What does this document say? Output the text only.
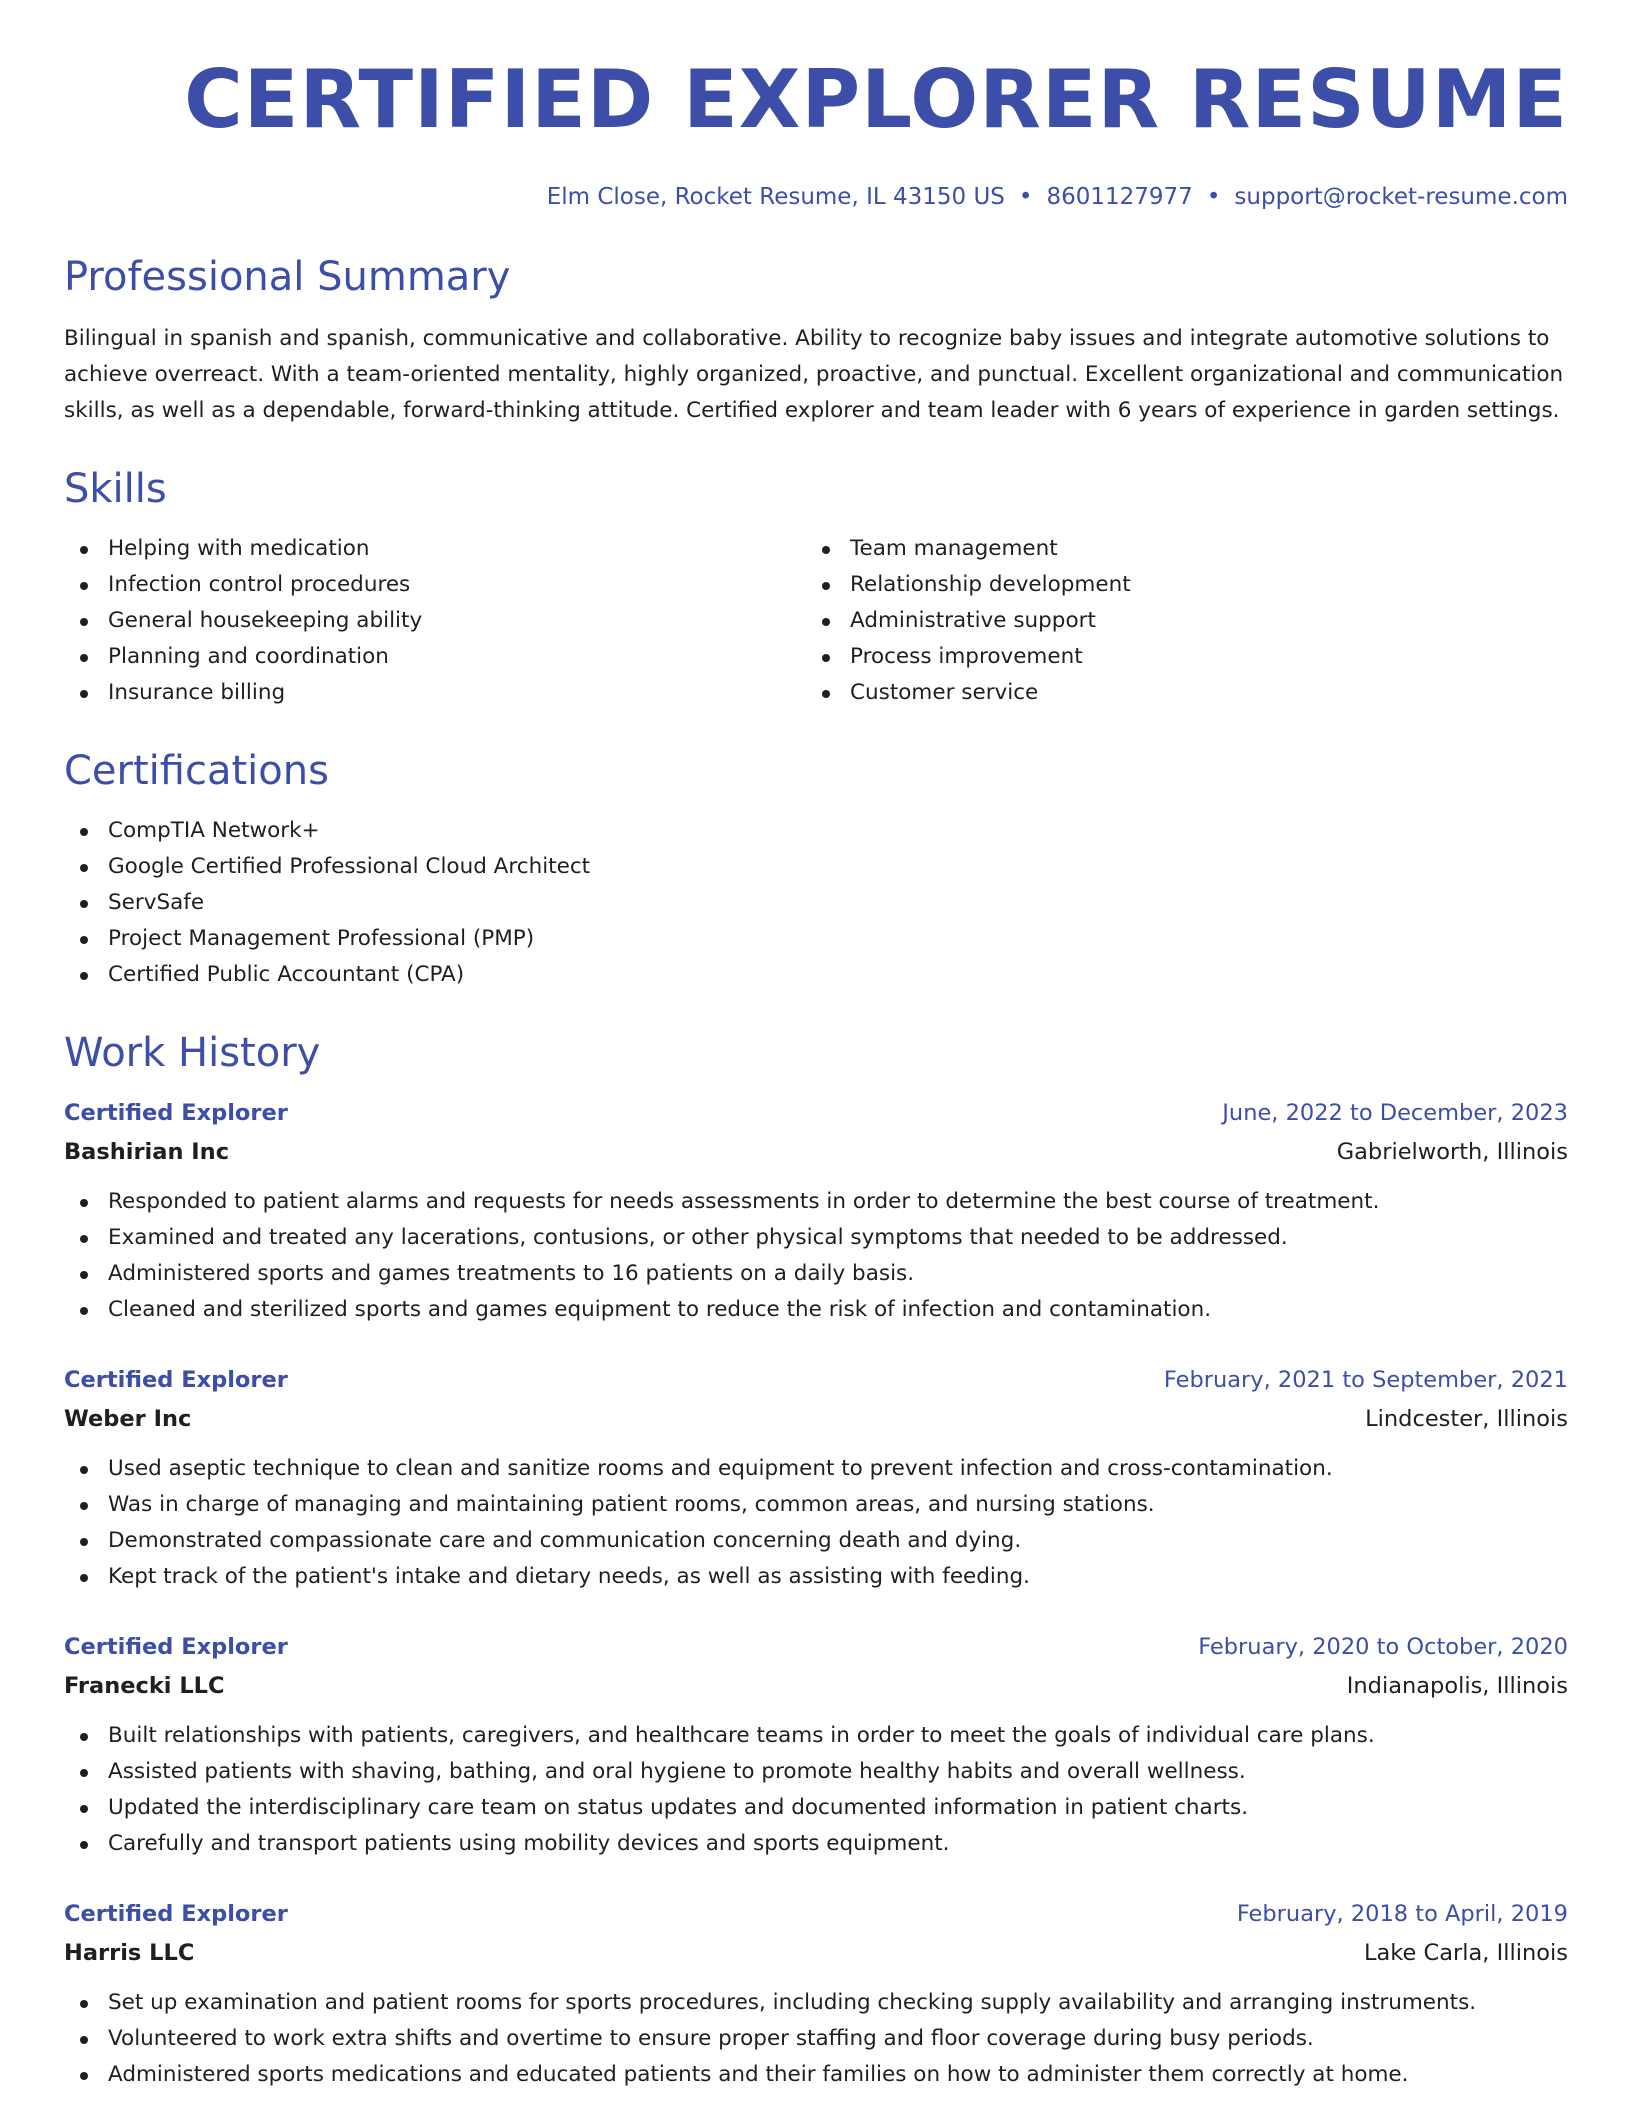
CERTIFIED EXPLORER RESUME
Elm Close, Rocket Resume, IL 43150 US • 8601127977 • support@rocket-resume.com
Professional Summary

Bilingual in spanish and spanish, communicative and collaborative. Ability to recognize baby issues and integrate automotive solutions to achieve overreact. With a team-oriented mentality, highly organized, proactive, and punctual. Excellent organizational and communication skills, as well as a dependable, forward-thinking attitude. Certified explorer and team leader with 6 years of experience in garden settings.

Skills
Helping with medication
Infection control procedures
General housekeeping ability
Planning and coordination
Insurance billing
Team management
Relationship development
Administrative support
Process improvement
Customer service
Certifications
CompTIA Network+
Google Certified Professional Cloud Architect
ServSafe
Project Management Professional (PMP)
Certified Public Accountant (CPA)
Work History
Certified Explorer	June, 2022 to December, 2023
Bashirian Inc	Gabrielworth, Illinois
Responded to patient alarms and requests for needs assessments in order to determine the best course of treatment.
Examined and treated any lacerations, contusions, or other physical symptoms that needed to be addressed.
Administered sports and games treatments to 16 patients on a daily basis.
Cleaned and sterilized sports and games equipment to reduce the risk of infection and contamination.
Certified Explorer	February, 2021 to September, 2021
Weber Inc	Lindcester, Illinois
Used aseptic technique to clean and sanitize rooms and equipment to prevent infection and cross-contamination.
Was in charge of managing and maintaining patient rooms, common areas, and nursing stations.
Demonstrated compassionate care and communication concerning death and dying.
Kept track of the patient's intake and dietary needs, as well as assisting with feeding.
Certified Explorer	February, 2020 to October, 2020
Franecki LLC	Indianapolis, Illinois
Built relationships with patients, caregivers, and healthcare teams in order to meet the goals of individual care plans.
Assisted patients with shaving, bathing, and oral hygiene to promote healthy habits and overall wellness.
Updated the interdisciplinary care team on status updates and documented information in patient charts.
Carefully and transport patients using mobility devices and sports equipment.
Certified Explorer	February, 2018 to April, 2019
Harris LLC	Lake Carla, Illinois
Set up examination and patient rooms for sports procedures, including checking supply availability and arranging instruments.
Volunteered to work extra shifts and overtime to ensure proper staffing and floor coverage during busy periods.
Administered sports medications and educated patients and their families on how to administer them correctly at home.
